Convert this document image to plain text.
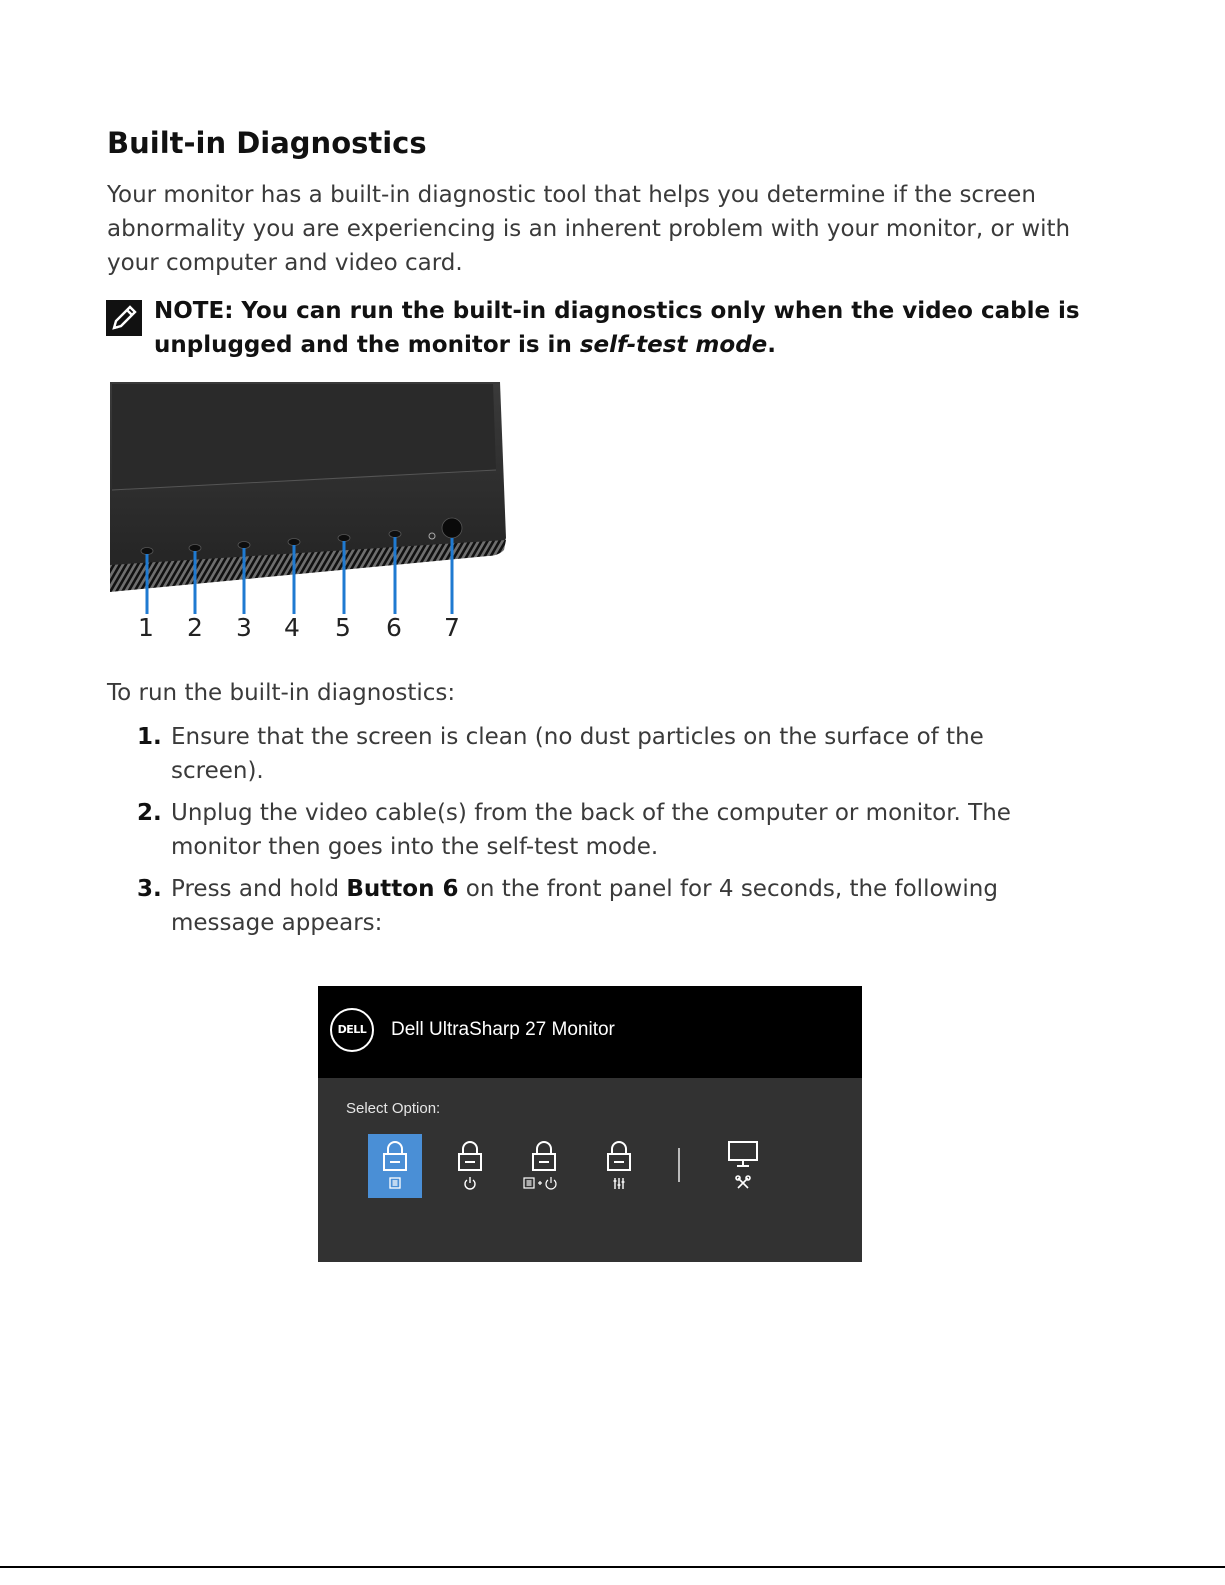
Built-in Diagnostics

Your monitor has a built-in diagnostic tool that helps you determine if the screen abnormality you are experiencing is an inherent problem with your monitor, or with your computer and video card.

NOTE: You can run the built-in diagnostics only when the video cable is unplugged and the monitor is in self-test mode.

1 2 3 4 5 6 7

To run the built-in diagnostics:

1. Ensure that the screen is clean (no dust particles on the surface of the screen).
2. Unplug the video cable(s) from the back of the computer or monitor. The monitor then goes into the self-test mode.
3. Press and hold Button 6 on the front panel for 4 seconds, the following message appears:
DELL	Dell UltraSharp 27 Monitor
Select Option:
